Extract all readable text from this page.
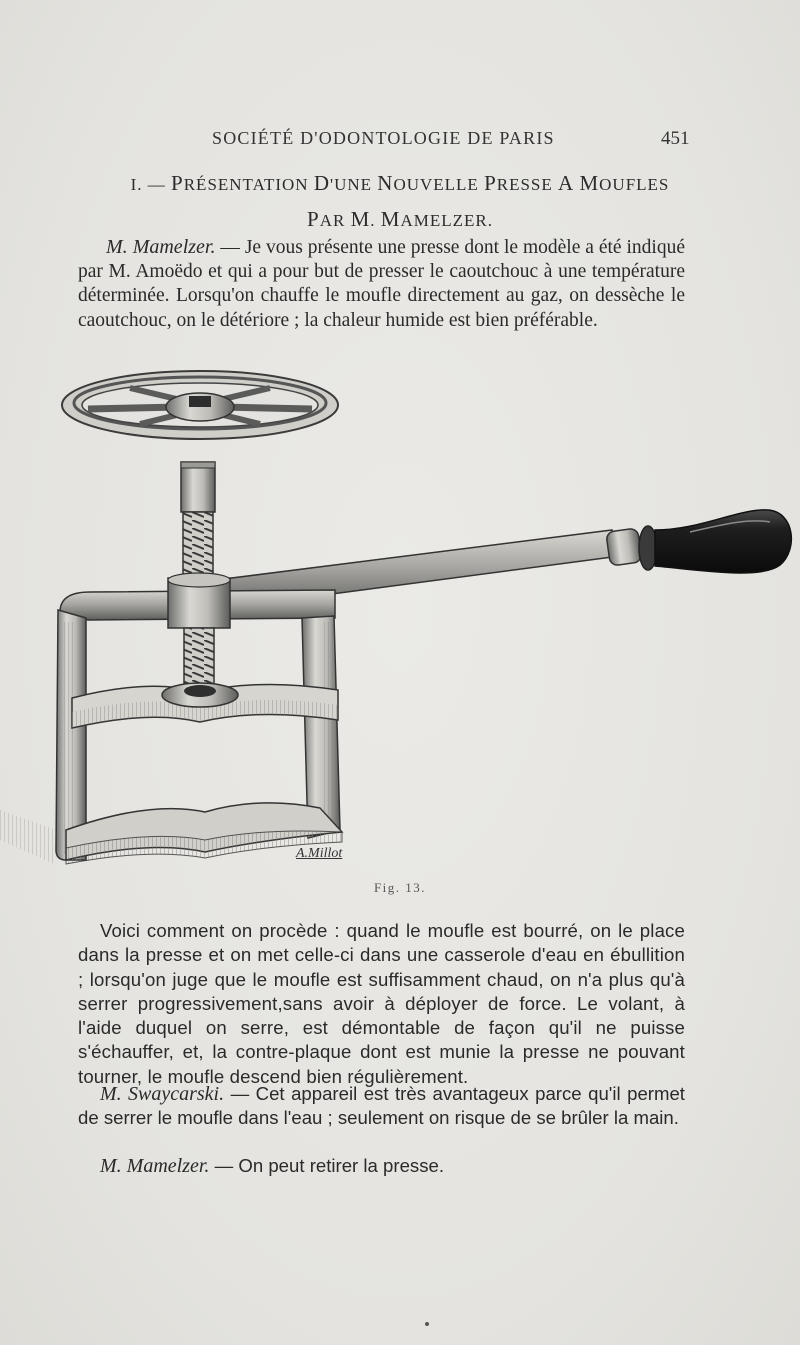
SOCIÉTÉ D'ODONTOLOGIE DE PARIS	451
I. — PRÉSENTATION D'UNE NOUVELLE PRESSE A MOUFLES
PAR M. MAMELZER.

M. Mamelzer. — Je vous présente une presse dont le modèle a été indiqué par M. Amoëdo et qui a pour but de presser le caoutchouc à une température déterminée. Lorsqu'on chauffe le moufle directement au gaz, on dessèche le caoutchouc, on le détériore ; la chaleur humide est bien préférable.

A.Millot
Fig. 13.

Voici comment on procède : quand le moufle est bourré, on le place dans la presse et on met celle-ci dans une casserole d'eau en ébullition ; lorsqu'on juge que le moufle est suffisamment chaud, on n'a plus qu'à serrer progressivement,sans avoir à déployer de force. Le volant, à l'aide duquel on serre, est démontable de façon qu'il ne puisse s'échauffer, et, la contre-plaque dont est munie la presse ne pouvant tourner, le moufle descend bien régulièrement.

M. Swaycarski. — Cet appareil est très avantageux parce qu'il permet de serrer le moufle dans l'eau ; seulement on risque de se brûler la main.

M. Mamelzer. — On peut retirer la presse.
